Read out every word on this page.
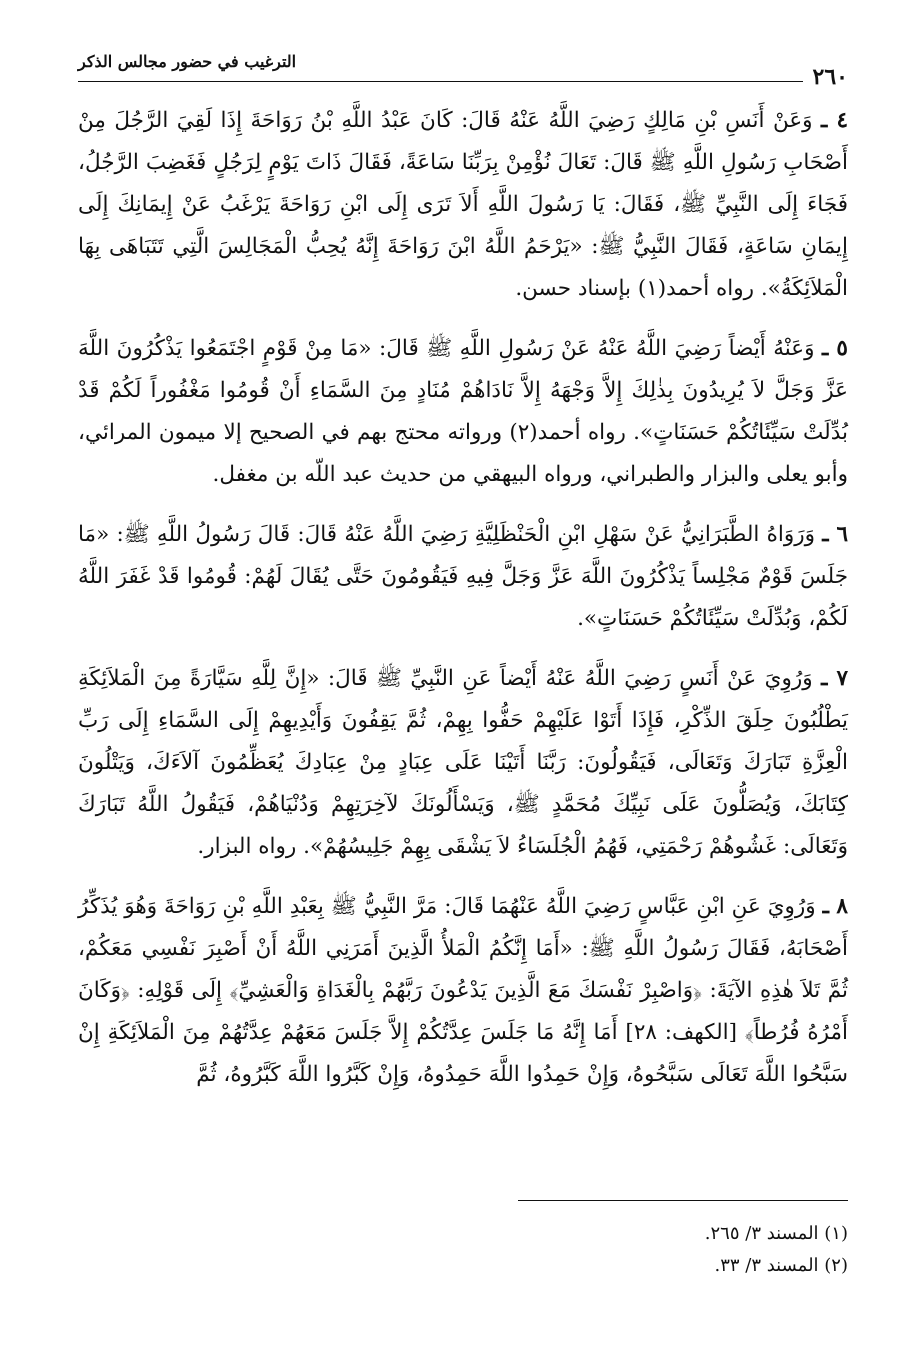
٢٦٠
الترغيب في حضور مجالس الذكر

٤ ـ وَعَنْ أَنَسِ بْنِ مَالِكٍ رَضِيَ اللَّهُ عَنْهُ قَالَ: كَانَ عَبْدُ اللَّهِ بْنُ رَوَاحَةَ إِذَا لَقِيَ الرَّجُلَ مِنْ أَصْحَابِ رَسُولِ اللَّهِ ﷺ قَالَ: تَعَالَ نُؤْمِنْ بِرَبِّنَا سَاعَةً، فَقَالَ ذَاتَ يَوْمٍ لِرَجُلٍ فَغَضِبَ الرَّجُلُ، فَجَاءَ إِلَى النَّبِيِّ ﷺ، فَقَالَ: يَا رَسُولَ اللَّهِ أَلاَ تَرَى إِلَى ابْنِ رَوَاحَةَ يَرْغَبُ عَنْ إِيمَانِكَ إِلَى إِيمَانِ سَاعَةٍ، فَقَالَ النَّبِيُّ ﷺ: «يَرْحَمُ اللَّهُ ابْنَ رَوَاحَةَ إِنَّهُ يُحِبُّ الْمَجَالِسَ الَّتِي تَتَبَاهَى بِهَا الْمَلاَئِكَةُ». رواه أحمد(١) بإسناد حسن.

٥ ـ وَعَنْهُ أَيْضاً رَضِيَ اللَّهُ عَنْهُ عَنْ رَسُولِ اللَّهِ ﷺ قَالَ: «مَا مِنْ قَوْمٍ اجْتَمَعُوا يَذْكُرُونَ اللَّهَ عَزَّ وَجَلَّ لاَ يُرِيدُونَ بِذٰلِكَ إِلاَّ وَجْهَهُ إِلاَّ نَادَاهُمْ مُنَادٍ مِنَ السَّمَاءِ أَنْ قُومُوا مَغْفُوراً لَكُمْ قَدْ بُدِّلَتْ سَيِّئَاتُكُمْ حَسَنَاتٍ». رواه أحمد(٢) ورواته محتج بهم في الصحيح إلا ميمون المرائي، وأبو يعلى والبزار والطبراني، ورواه البيهقي من حديث عبد اللّه بن مغفل.

٦ ـ وَرَوَاهُ الطَّبَرَانِيُّ عَنْ سَهْلِ ابْنِ الْحَنْظَلِيَّةِ رَضِيَ اللَّهُ عَنْهُ قَالَ: قَالَ رَسُولُ اللَّهِ ﷺ: «مَا جَلَسَ قَوْمٌ مَجْلِساً يَذْكُرُونَ اللَّهَ عَزَّ وَجَلَّ فِيهِ فَيَقُومُونَ حَتَّى يُقَالَ لَهُمْ: قُومُوا قَدْ غَفَرَ اللَّهُ لَكُمْ، وَبُدِّلَتْ سَيِّئَاتُكُمْ حَسَنَاتٍ».

٧ ـ وَرُوِيَ عَنْ أَنَسٍ رَضِيَ اللَّهُ عَنْهُ أَيْضاً عَنِ النَّبِيِّ ﷺ قَالَ: «إِنَّ لِلَّهِ سَيَّارَةً مِنَ الْمَلاَئِكَةِ يَطْلُبُونَ حِلَقَ الذِّكْرِ، فَإِذَا أَتَوْا عَلَيْهِمْ حَفُّوا بِهِمْ، ثُمَّ يَقِفُونَ وَأَيْدِيهِمْ إِلَى السَّمَاءِ إِلَى رَبِّ الْعِزَّةِ تَبَارَكَ وَتَعَالَى، فَيَقُولُونَ: رَبَّنَا أَتَيْنَا عَلَى عِبَادٍ مِنْ عِبَادِكَ يُعَظِّمُونَ آلاَءَكَ، وَيَتْلُونَ كِتَابَكَ، وَيُصَلُّونَ عَلَى نَبِيِّكَ مُحَمَّدٍ ﷺ، وَيَسْأَلُونَكَ لآخِرَتِهِمْ وَدُنْيَاهُمْ، فَيَقُولُ اللَّهُ تَبَارَكَ وَتَعَالَى: غَشُوهُمْ رَحْمَتِي، فَهُمُ الْجُلَسَاءُ لاَ يَشْقَى بِهِمْ جَلِيسُهُمْ». رواه البزار.

٨ ـ وَرُوِيَ عَنِ ابْنِ عَبَّاسٍ رَضِيَ اللَّهُ عَنْهُمَا قَالَ: مَرَّ النَّبِيُّ ﷺ بِعَبْدِ اللَّهِ بْنِ رَوَاحَةَ وَهُوَ يُذَكِّرُ أَصْحَابَهُ، فَقَالَ رَسُولُ اللَّهِ ﷺ: «أَمَا إِنَّكُمُ الْمَلأُ الَّذِينَ أَمَرَنِي اللَّهُ أَنْ أَصْبِرَ نَفْسِي مَعَكُمْ، ثُمَّ تَلاَ هٰذِهِ الآيَةَ: ﴿وَاصْبِرْ نَفْسَكَ مَعَ الَّذِينَ يَدْعُونَ رَبَّهُمْ بِالْغَدَاةِ وَالْعَشِيِّ﴾ إِلَى قَوْلِهِ: ﴿وَكَانَ أَمْرُهُ فُرُطاً﴾ [الكهف: ٢٨] أَمَا إِنَّهُ مَا جَلَسَ عِدَّتُكُمْ إِلاَّ جَلَسَ مَعَهُمْ عِدَّتُهُمْ مِنَ الْمَلاَئِكَةِ إِنْ سَبَّحُوا اللَّهَ تَعَالَى سَبَّحُوهُ، وَإِنْ حَمِدُوا اللَّهَ حَمِدُوهُ، وَإِنْ كَبَّرُوا اللَّهَ كَبَّرُوهُ، ثُمَّ

(١) المسند ٣/ ٢٦٥.
(٢) المسند ٣/ ٣٣.
